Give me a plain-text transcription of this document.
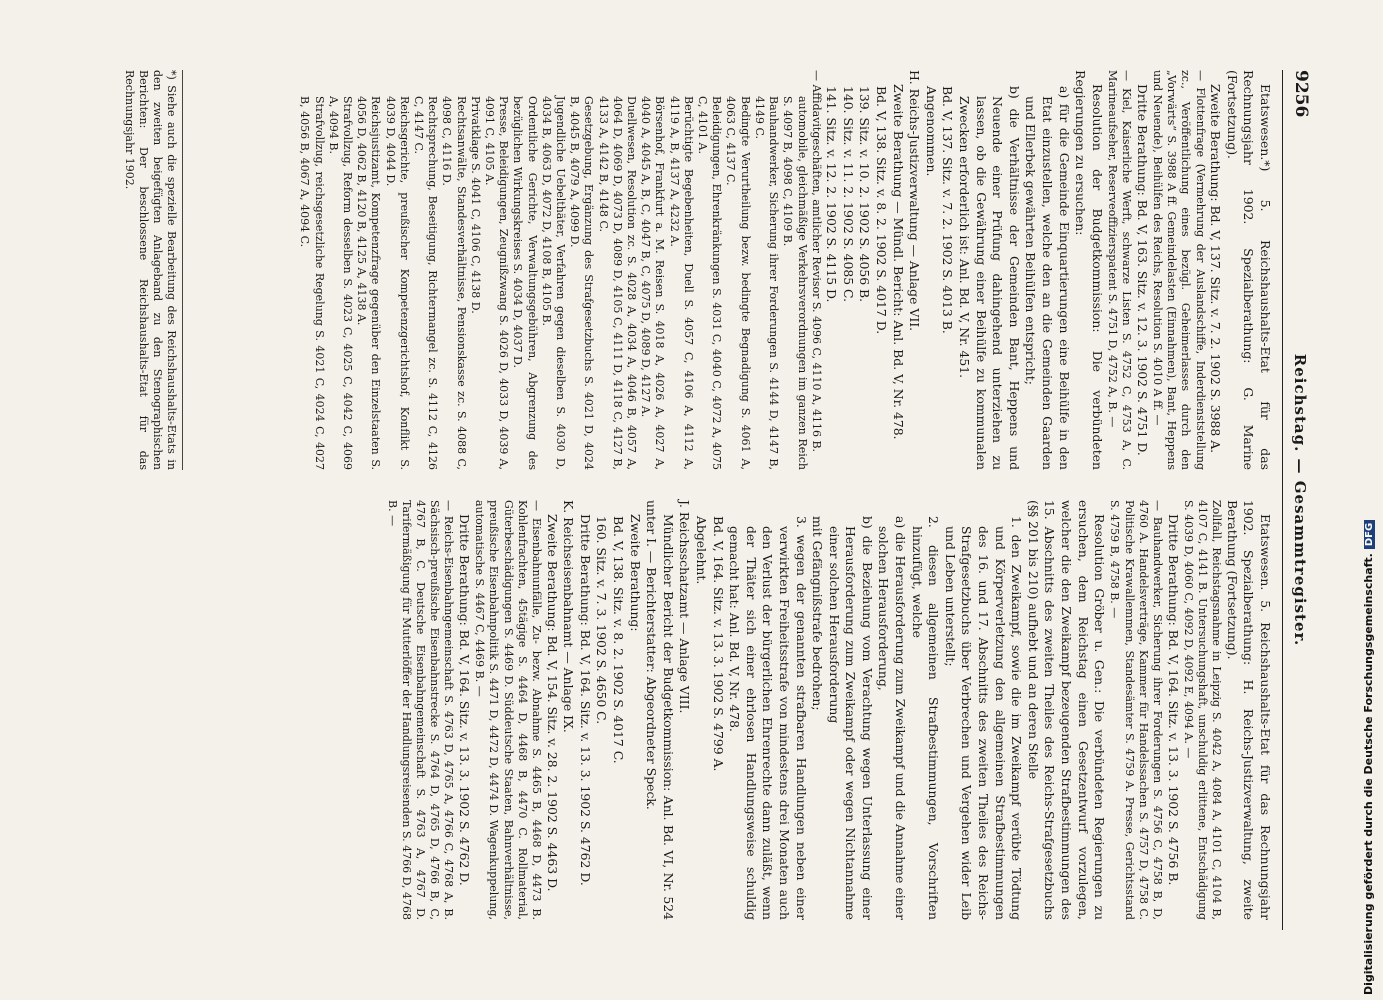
9256
Reichstag. — Gesammtregister.

Etatswesen.*) 5. Reichshaushalts-Etat für das Rechnungsjahr 1902. Spezialberathung: G. Marine (Fortsetzung).

Zweite Berathung: Bd. V, 137. Sitz. v. 7. 2. 1902 S. 3988 A.

— Flottenfrage (Vermehrung der Auslandschiffe, Inderdienststellung zc., Veröffentlichung eines bezügl. Geheimerlasses durch den „Vorwärts“ S. 3988 A ff. Gemeindelasten (Einnahmen), Bant, Heppens und Neuende), Beihülfen des Reichs, Resolution S. 4010 A ff. —

Dritte Berathung: Bd. V, 163. Sitz. v. 12. 3. 1902 S. 4751 D.

— Kiel, Kaiserliche Werft, schwarze Listen S. 4752 C, 4753 A, C. Marineaufseher, Reserveoffizierspatent S. 4751 D, 4752 A, B. —

Resolution der Budgetkommission: Die verbündeten Regierungen zu ersuchen:

a) für die Gemeinde Einquartierungen eine Beihülfe in den Etat einzustellen, welche den an die Gemeinden Gaarden und Ellerbek gewährten Beihülfen entspricht;

b) die Verhältnisse der Gemeinden Bant, Heppens und Neuende einer Prüfung dahingehend unterziehen zu lassen, ob die Gewährung einer Beihülfe zu kommunalen Zwecken erforderlich ist: Anl. Bd. V, Nr. 451.

Bd. V, 137. Sitz. v. 7. 2. 1902 S. 4013 B.

Angenommen.

H. Reichs-Justizverwaltung — Anlage VII.

Zweite Berathung — Mündl. Bericht: Anl. Bd. V, Nr. 478.

Bd. V, 138. Sitz. v. 8. 2. 1902 S. 4017 D.

139. Sitz. v. 10. 2. 1902 S. 4056 B.

140. Sitz. v. 11. 2. 1902 S. 4085 C.

141. Sitz. v. 12. 2. 1902 S. 4115 D.

— Affidavitgeschäften, amtlicher Revisor S. 4096 C, 4110 A, 4116 B.

automobile, gleichmäßige Verkehrsverordnungen im ganzen Reich S. 4097 B, 4098 C, 4109 B.

Bauhandwerker, Sicherung ihrer Forderungen S. 4144 D, 4147 B, 4149 C.

Bedingte Verurtheilung bezw. bedingte Begnadigung S. 4061 A, 4063 C, 4137 C.

Beleidigungen, Ehrenkränkungen S. 4031 C, 4040 C, 4072 A, 4075 C, 4101 A.

Berüchtigte Begebenheiten, Duell S. 4057 C, 4106 A, 4112 A, 4119 A, B, 4137 A, 4232 A.

Börsenhof, Frankfurt a. M. Reisen S. 4018 A, 4026 A, 4027 A, 4040 A, 4045 A, B, C, 4047 B, C, 4075 D, 4089 D, 4127 A.

Duellwesen, Resolution zc. S. 4028 A, 4034 A, 4046 B, 4057 A, 4064 D, 4069 D, 4073 D, 4089 D, 4105 C, 4111 D, 4118 C, 4127 B, 4133 A, 4142 B, 4148 C.

Gesetzgebung, Ergänzung des Strafgesetzbuchs S. 4021 D, 4024 B, 4045 B, 4079 A, 4099 D.

Jugendliche Uebelthäter, Verfahren gegen dieselben S. 4030 D, 4034 B, 4063 D, 4072 D, 4108 B, 4105 B.

Ordentliche Gerichte, Verwaltungsgebühren, Abgrenzung des bezüglichen Wirkungskreises S. 4034 D, 4037 D.

Presse, Beleidigungen, Zeugnißzwang S. 4026 D, 4033 D, 4039 A, 4091 C, 4105 A.

Privatklage S. 4041 C, 4106 C, 4138 D.

Rechtsanwälte, Standesverhältnisse, Pensionskasse zc. S. 4088 C, 4098 C, 4116 D.

Rechtsprechung, Beseitigung, Richtermangel zc. S. 4112 C, 4126 C, 4147 C.

Reichsgerichte, preußischer Kompetenzgerichtshof, Konflikt S. 4039 D, 4044 D.

Reichsjustizamt, Kompetenzfrage gegenüber den Einzelstaaten S. 4056 D, 4062 B, 4120 B, 4125 A, 4138 A.

Strafvollzug, Reform desselben S. 4023 C, 4025 C, 4042 C, 4069 A, 4094 B.

Strafvollzug, reichsgesetzliche Regelung S. 4021 C, 4024 C, 4027 B, 4056 B, 4067 A, 4094 C.

Etatswesen. 5. Reichshaushalts-Etat für das Rechnungsjahr 1902. Spezialberathung: H. Reichs-Justizverwaltung, zweite Berathung (Fortsetzung).

Zollfall, Reichstagsnahme in Leipzig S. 4042 A, 4084 A, 4101 C, 4104 B, 4107 C, 4141 B. Untersuchungshaft, unschuldig erlittene, Entschädigung S. 4039 D, 4060 C, 4092 D, 4092 E, 4094 A. —

Dritte Berathung: Bd. V, 164. Sitz. v. 13. 3. 1902 S. 4756 B.

— Bauhandwerker, Sicherung ihrer Forderungen S. 4756 C, 4758 B, D, 4760 A. Handelsverträge, Kammer für Handelssachen S. 4757 D, 4758 C. Politische Krawallemmen, Standesämter S. 4759 A. Presse, Gerichtsstand S. 4759 B, 4758 B. —

Resolution Gröber u. Gen.: Die verbündeten Regierungen zu ersuchen, dem Reichstag einen Gesetzentwurf vorzulegen, welcher die den Zweikampf bezeugenden Strafbestimmungen des 15. Abschnitts des zweiten Theiles des Reichs-Strafgesetzbuchs (§§ 201 bis 210) aufhebt und an deren Stelle

1. den Zweikampf, sowie die im Zweikampf verübte Tödtung und Körperverletzung den allgemeinen Strafbestimmungen des 16. und 17. Abschnitts des zweiten Theiles des Reichs-Strafgesetzbuchs über Verbrechen und Vergehen wider Leib und Leben unterstellt;

2. diesen allgemeinen Strafbestimmungen, Vorschriften hinzufügt, welche

a) die Herausforderung zum Zweikampf und die Annahme einer solchen Herausforderung,

b) die Beziehung vom Verachtung wegen Unterlassung einer Herausforderung zum Zweikampf oder wegen Nichtannahme einer solchen Herausforderung

mit Gefängnißstrafe bedrohen;

3. wegen der genannten strafbaren Handlungen neben einer verwirkten Freiheitsstrafe von mindestens drei Monaten auch den Verlust der bürgerlichen Ehrenrechte dann zuläßt, wenn der Thäter sich einer ehrlosen Handlungsweise schuldig gemacht hat: Anl. Bd. V, Nr. 478.

Bd. V, 164. Sitz. v. 13. 3. 1902 S. 4799 A.

Abgelehnt.

J. Reichsschatzamt — Anlage VIII.

Mündlicher Bericht der Budgetkommission: Anl. Bd. VI, Nr. 524 unter I. — Berichterstatter: Abgeordneter Speck.

Zweite Berathung:

Bd. V, 138. Sitz. v. 8. 2. 1902 S. 4017 C.

160. Sitz. v. 7. 3. 1902 S. 4650 C.

Dritte Berathung: Bd. V, 164. Sitz. v. 13. 3. 1902 S. 4762 D.

K. Reichseisenbahnamt — Anlage IX.

Zweite Berathung: Bd. V, 154. Sitz. v. 28. 2. 1902 S. 4463 D.

— Eisenbahnunfälle, Zu- bezw. Abnahme S. 4465 B, 4468 D, 4473 B. Kohlenfrachten, 45tägige S. 4464 D, 4468 B, 4470 C. Rollmaterial, Güterbeschädigungen S. 4469 D. Süddeutsche Staaten, Bahnverhältnisse, preußische Eisenbahnpolitik S. 4471 D, 4472 D, 4474 D. Wagenkuppelung, automatische S. 4467 C, 4469 B. —

Dritte Berathung: Bd. V, 164. Sitz. v. 13. 3. 1902 S. 4762 D.

— Reichs-Eisenbahngemeinschaft S. 4763 D, 4765 A, 4766 C, 4768 A, B. Sächsisch-preußische Eisenbahnstrecke S. 4764 D, 4765 D, 4766 B, C, 4767 B, C. Deutsche Eisenbahngemeinschaft S. 4763 A, 4767 D. Tarifermäßigung für Mutterlöffer der Handlungsreisenden S. 4766 D, 4768 B. —

*) Siehe auch die spezielle Bearbeitung des Reichshaushalts-Etats in den zweiten beigefügten Anlageband zu den Stenographischen Berichten: Der beschlossene Reichshaushalts-Etat für das Rechnungsjahr 1902.
Digitalisierung gefördert durch die Deutsche Forschungsgemeinschaft.DFG
